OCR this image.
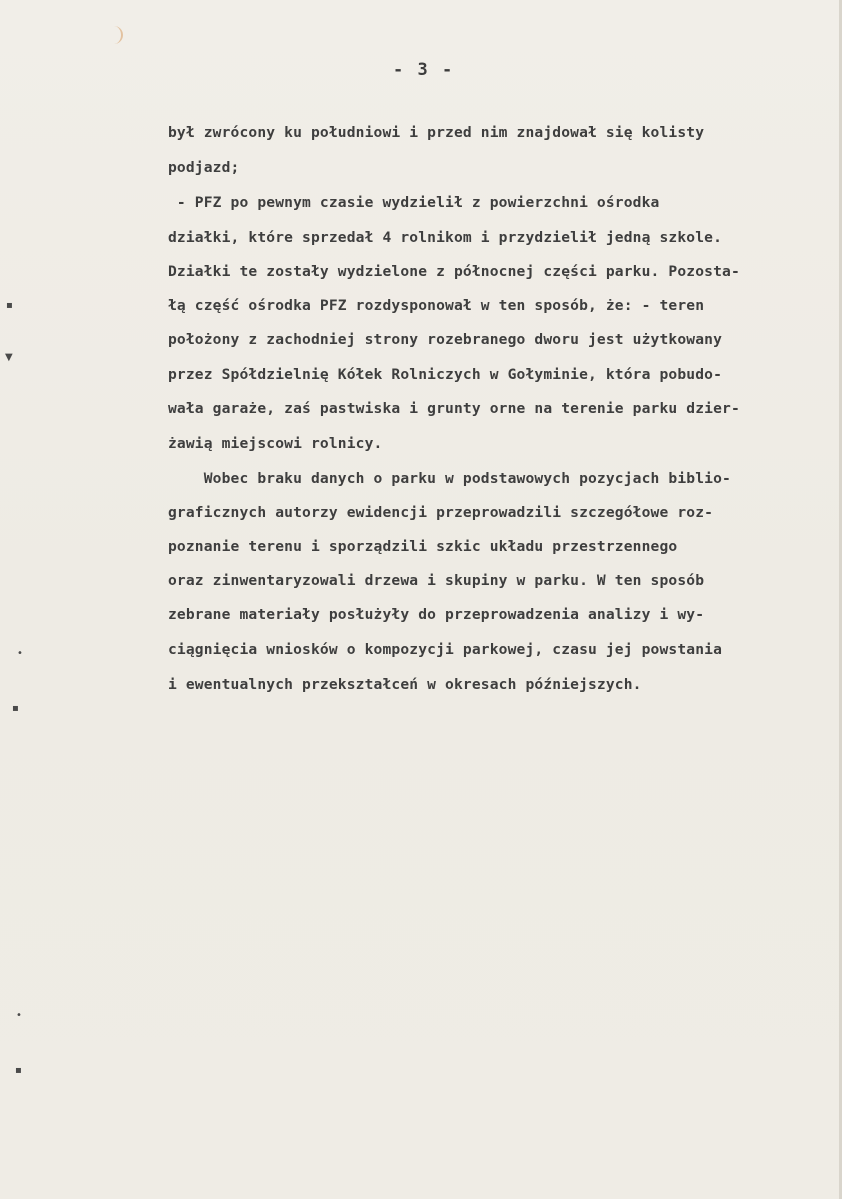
- 3 -
był zwrócony ku południowi i przed nim znajdował się kolisty
podjazd;
- PFZ po pewnym czasie wydzielił z powierzchni ośrodka
działki, które sprzedał 4 rolnikom i przydzielił jedną szkole.
Działki te zostały wydzielone z północnej części parku. Pozosta-
łą część ośrodka PFZ rozdysponował w ten sposób, że: - teren
położony z zachodniej strony rozebranego dworu jest użytkowany
przez Spółdzielnię Kółek Rolniczych w Gołyminie, która pobudo-
wała garaże, zaś pastwiska i grunty orne na terenie parku dzier-
żawią miejscowi rolnicy.
Wobec braku danych o parku w podstawowych pozycjach biblio-
graficznych autorzy ewidencji przeprowadzili szczegółowe roz-
poznanie terenu i sporządzili szkic układu przestrzennego
oraz zinwentaryzowali drzewa i skupiny w parku. W ten sposób
zebrane materiały posłużyły do przeprowadzenia analizy i wy-
ciągnięcia wniosków o kompozycji parkowej, czasu jej powstania
i ewentualnych przekształceń w okresach późniejszych.
▪
▼
•
▪
•
▪
